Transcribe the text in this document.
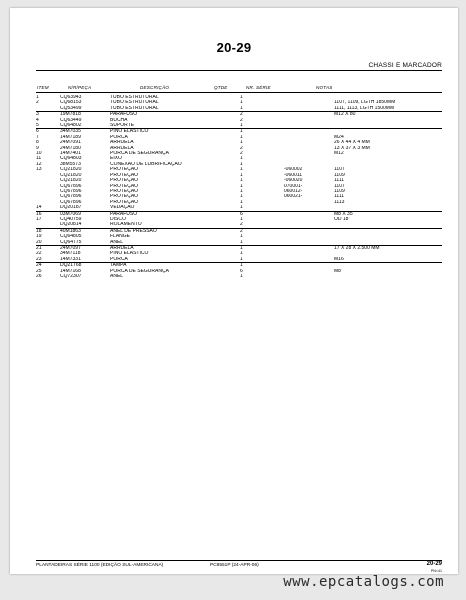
20-29
CHASSI E MARCADOR
ITEM	N/R/PEÇA	DESCRIÇÃO	QTDE	NR. SÉRIE	NOTAS
1	CQ63943	TUBO ESTRUTURAL	1		
2	CQ68153	TUBO ESTRUTURAL	1		1107, 1109, LGTH 1850MM
	CQ53499	TUBO ESTRUTURAL	1		1111, 1113, LGTH 1500MM
3	19M7818	PARAFUSO	2		M12 X 80
4	CQ63449	BUCHA	2		
5	CQ64802	SUPORTE	1		
6	34M7035	PINO ELÁSTICO	1		
7	14M7189	PORCA	1		M24
8	24M7091	ARRUELA	1		26 X 44 X 4 MM
9	24M7180	ARRUELA	2		13 X 37 X 3 MM
10	14M7401	PORCA DE SEGURANÇA	2		M12
11	CQ64803	EIXO	1		
12	38M5573	CONEXÃO DE LUBRIFICAÇÃO	1		
13	CQ21820	PROTEÇÃO	1	-060002	1107
	CQ21820	PROTEÇÃO	1	-060011	1109
	CQ21820	PROTEÇÃO	1	-060020	1111
	CQ67896	PROTEÇÃO	1	070001-	1107
	CQ67896	PROTEÇÃO	1	060012-	1109
	CQ67896	PROTEÇÃO	1	060021-	1111
	CQ67896	PROTEÇÃO	1		1113
14	DQ20187	VEDAÇÃO	1		
16	03M7069	PARAFUSO	6		M8 X 35
17	CQ40759	DISCO	1		OD 18"
	DQ20814	ROLAMENTO	2		
18	40M1863	ANEL DE PRESSÃO	2		
19	CQ64805	FLANGE	1		
20	CQ64775	ANEL	1		
21	24M7097	ARRUELA	1		17 X 28 X 2.500 MM
22	34M7118	PINO ELÁSTICO	1		
23	14M7331	PORCA	1		M16
24	DQ21768	TAMPA	1		
25	14M7168	PORCA DE SEGURANÇA	6		M8
26	CQ72307	ANEL	1		
PLANTADEIRAS SÉRIE 1100 (EDIÇÃO SUL-AMERICANA)	PC9551P (24-APR-06)	20-29
PN=41
www.epcatalogs.com
